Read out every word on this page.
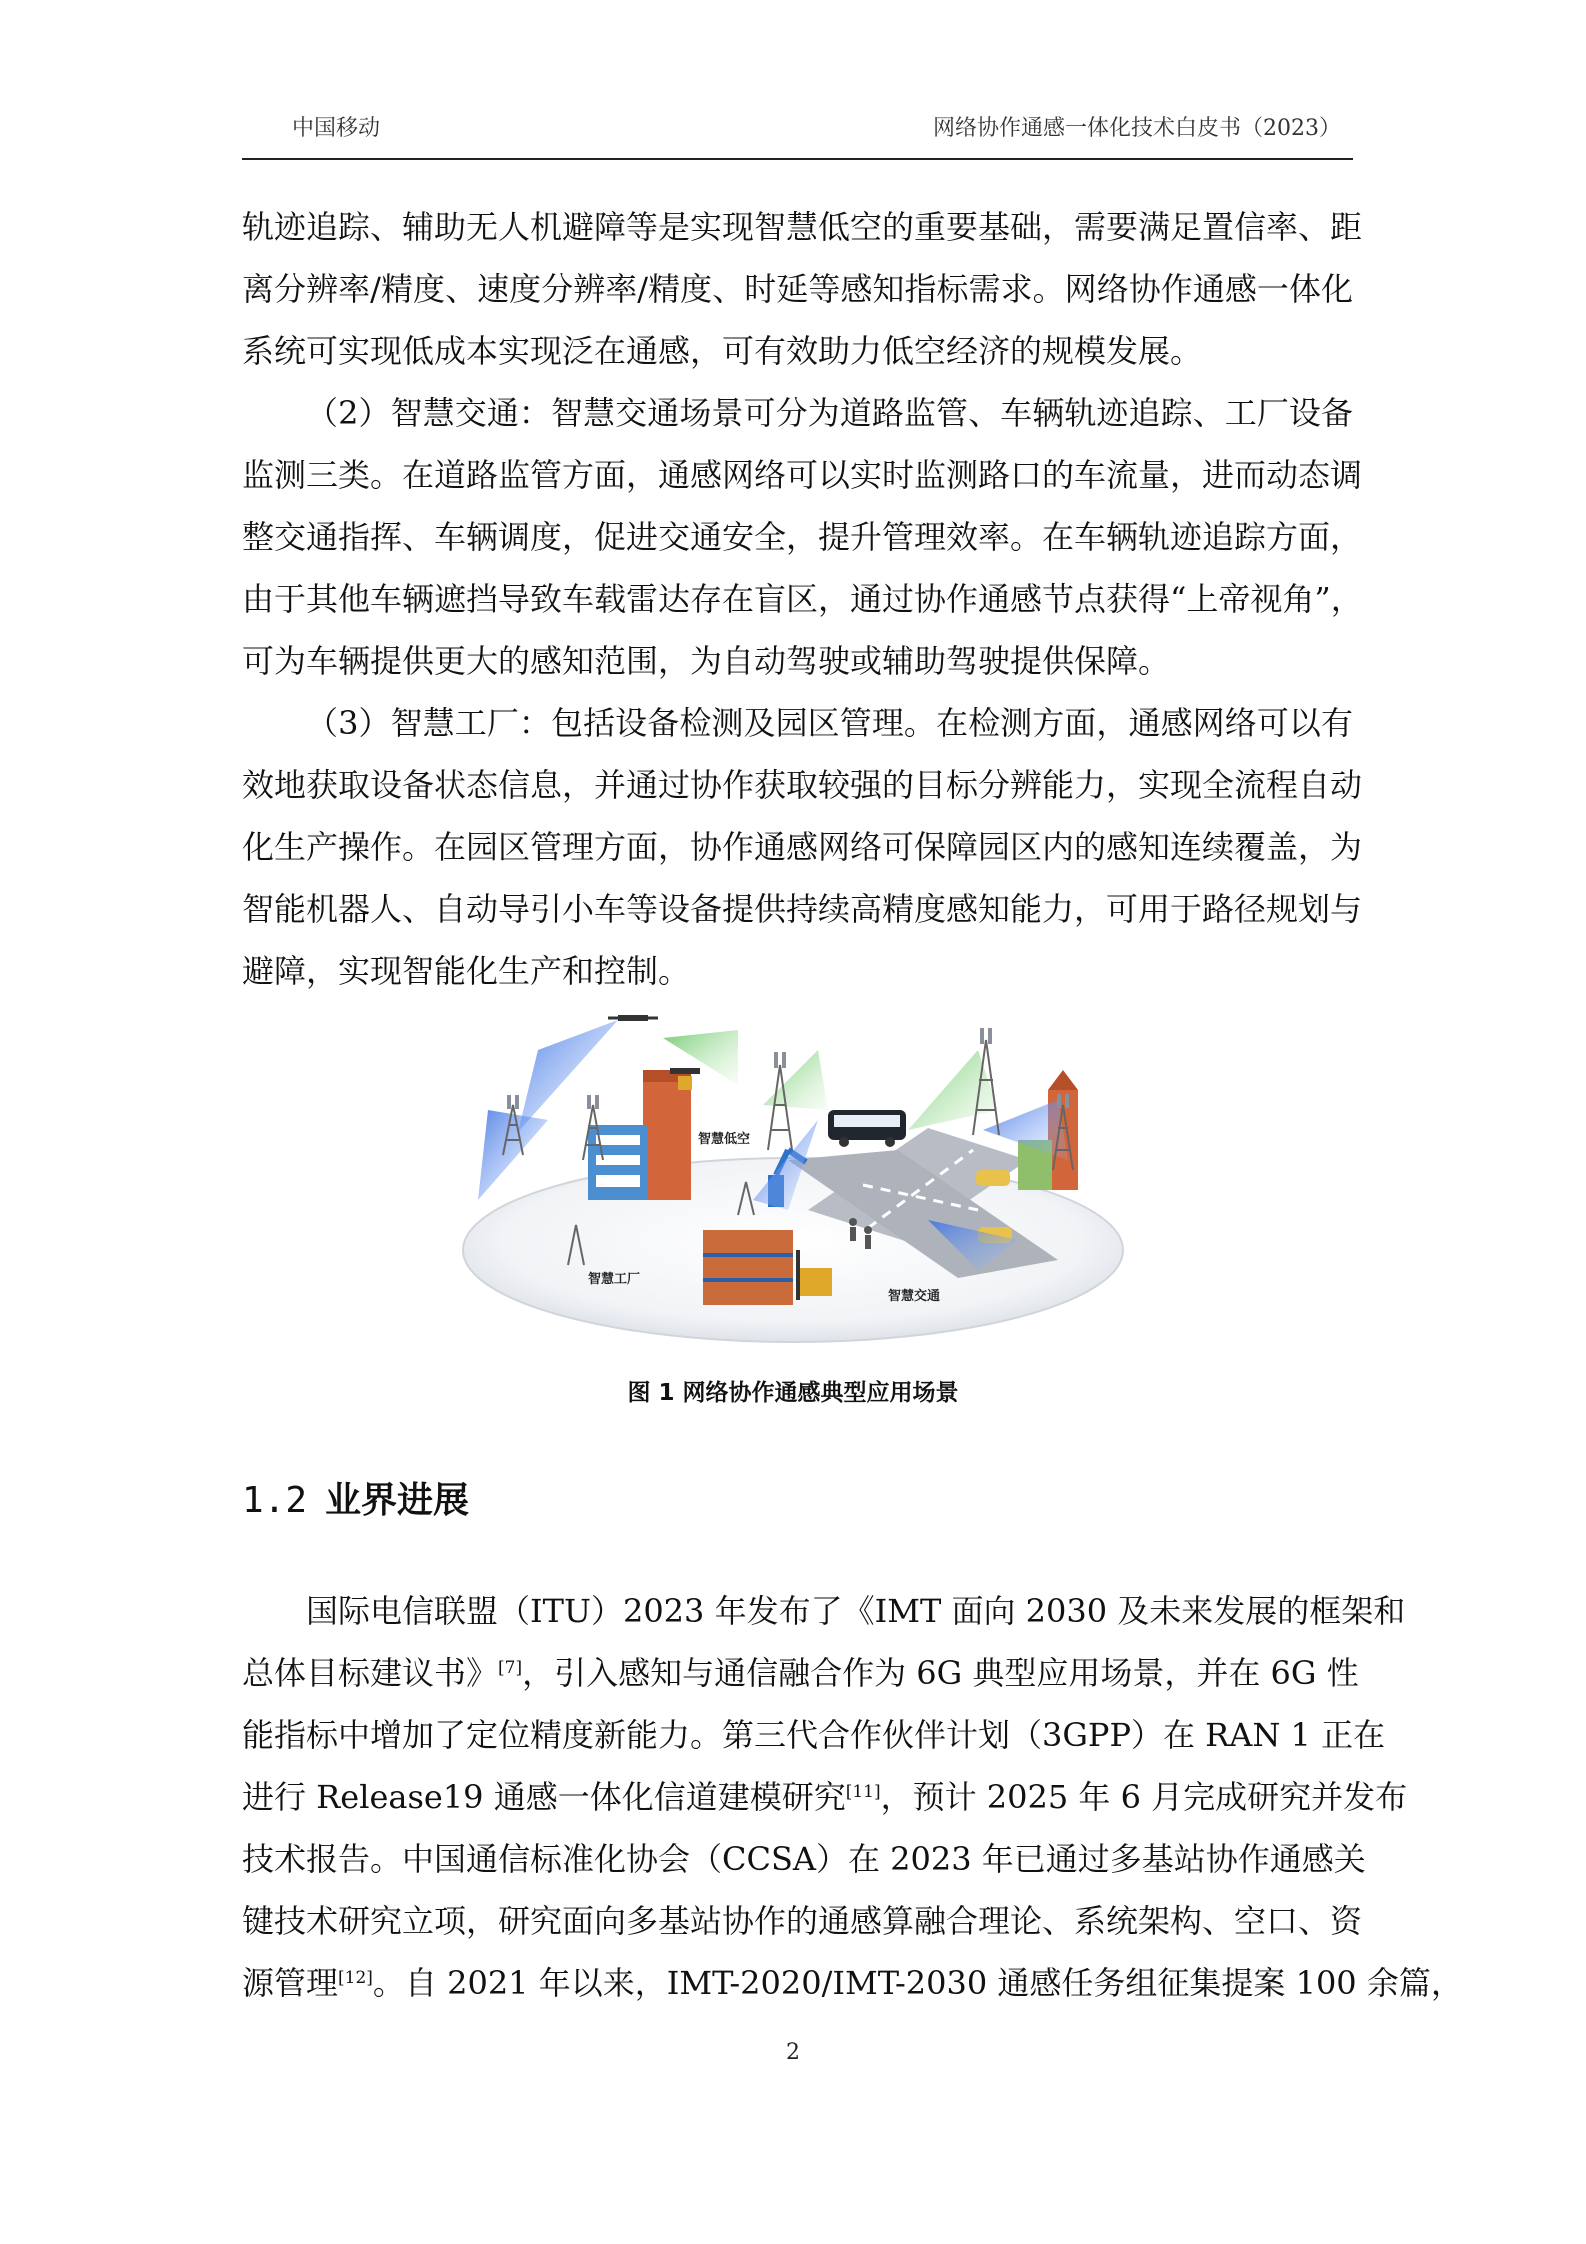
中国移动	网络协作通感一体化技术白皮书（2023）
轨迹追踪、辅助无人机避障等是实现智慧低空的重要基础，需要满足置信率、距
离分辨率/精度、速度分辨率/精度、时延等感知指标需求。网络协作通感一体化
系统可实现低成本实现泛在通感，可有效助力低空经济的规模发展。
（2）智慧交通：智慧交通场景可分为道路监管、车辆轨迹追踪、工厂设备
监测三类。在道路监管方面，通感网络可以实时监测路口的车流量，进而动态调
整交通指挥、车辆调度，促进交通安全，提升管理效率。在车辆轨迹追踪方面，
由于其他车辆遮挡导致车载雷达存在盲区，通过协作通感节点获得“上帝视角”，
可为车辆提供更大的感知范围，为自动驾驶或辅助驾驶提供保障。
（3）智慧工厂：包括设备检测及园区管理。在检测方面，通感网络可以有
效地获取设备状态信息，并通过协作获取较强的目标分辨能力，实现全流程自动
化生产操作。在园区管理方面，协作通感网络可保障园区内的感知连续覆盖，为
智能机器人、自动导引小车等设备提供持续高精度感知能力，可用于路径规划与
避障，实现智能化生产和控制。
智慧低空
智慧工厂
智慧交通
图 1 网络协作通感典型应用场景
1.2 业界进展
国际电信联盟（ITU）2023 年发布了《IMT 面向 2030 及未来发展的框架和
总体目标建议书》[7]，引入感知与通信融合作为 6G 典型应用场景，并在 6G 性
能指标中增加了定位精度新能力。第三代合作伙伴计划（3GPP）在 RAN 1 正在
进行 Release19 通感一体化信道建模研究[11]，预计 2025 年 6 月完成研究并发布
技术报告。中国通信标准化协会（CCSA）在 2023 年已通过多基站协作通感关
键技术研究立项，研究面向多基站协作的通感算融合理论、系统架构、空口、资
源管理[12]。自 2021 年以来，IMT-2020/IMT-2030 通感任务组征集提案 100 余篇，
2
